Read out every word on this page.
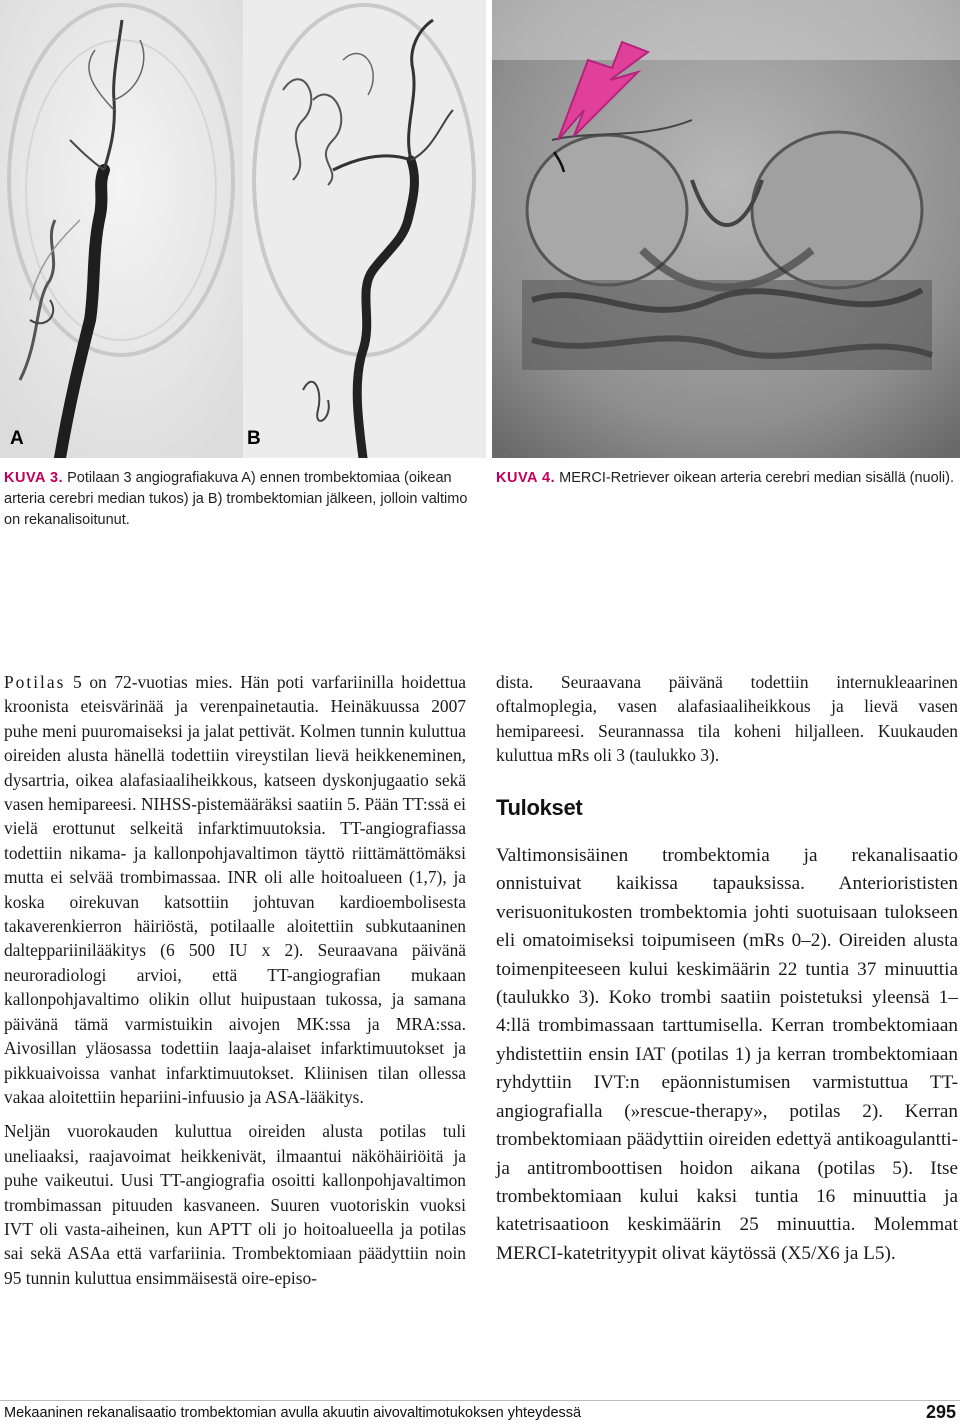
A	B
KUVA 3. Potilaan 3 angiografiakuva A) ennen trombektomiaa (oikean arteria cerebri median tukos) ja B) trombektomian jälkeen, jolloin valtimo on rekanalisoitunut.
KUVA 4. MERCI-Retriever oikean arteria cerebri median sisällä (nuoli).

Potilas 5 on 72-vuotias mies. Hän poti varfariinilla hoidettua kroonista eteisvärinää ja verenpainetautia. Heinäkuussa 2007 puhe meni puuromaiseksi ja jalat pettivät. Kolmen tunnin kuluttua oireiden alusta hänellä todettiin vireystilan lievä heikkeneminen, dysartria, oikea alafasiaaliheikkous, katseen dyskonjugaatio sekä vasen hemipareesi. NIHSS-pistemääräksi saatiin 5. Pään TT:ssä ei vielä erottunut selkeitä infarktimuutoksia. TT-angiografiassa todettiin nikama- ja kallonpohjavaltimon täyttö riittämättömäksi mutta ei selvää trombimassaa. INR oli alle hoitoalueen (1,7), ja koska oirekuvan katsottiin johtuvan kardioembolisesta takaverenkierron häiriöstä, potilaalle aloitettiin subkutaaninen dalteppariinilääkitys (6 500 IU x 2). Seuraavana päivänä neuroradiologi arvioi, että TT-angiografian mukaan kallonpohjavaltimo olikin ollut huipustaan tukossa, ja samana päivänä tämä varmistuikin aivojen MK:ssa ja MRA:ssa. Aivosillan yläosassa todettiin laaja-alaiset infarktimuutokset ja pikkuaivoissa vanhat infarktimuutokset. Kliinisen tilan ollessa vakaa aloitettiin hepariini-infuusio ja ASA-lääkitys.

Neljän vuorokauden kuluttua oireiden alusta potilas tuli uneliaaksi, raajavoimat heikkenivät, ilmaantui näköhäiriöitä ja puhe vaikeutui. Uusi TT-angiografia osoitti kallonpohjavaltimon trombimassan pituuden kasvaneen. Suuren vuotoriskin vuoksi IVT oli vasta-aiheinen, kun APTT oli jo hoitoalueella ja potilas sai sekä ASAa että varfariinia. Trombektomiaan päädyttiin noin 95 tunnin kuluttua ensimmäisestä oire-episo-

dista. Seuraavana päivänä todettiin internukleaarinen oftalmoplegia, vasen alafasiaaliheikkous ja lievä vasen hemipareesi. Seurannassa tila koheni hiljalleen. Kuukauden kuluttua mRs oli 3 (taulukko 3).

Tulokset

Valtimonsisäinen trombektomia ja rekanalisaatio onnistuivat kaikissa tapauksissa. Anteriorististen verisuonitukosten trombektomia johti suotuisaan tulokseen eli omatoimiseksi toipumiseen (mRs 0–2). Oireiden alusta toimenpiteeseen kului keskimäärin 22 tuntia 37 minuuttia (taulukko 3). Koko trombi saatiin poistetuksi yleensä 1–4:llä trombimassaan tarttumisella. Kerran trombektomiaan yhdistettiin ensin IAT (potilas 1) ja kerran trombektomiaan ryhdyttiin IVT:n epäonnistumisen varmistuttua TT-angiografialla (»rescue-therapy», potilas 2). Kerran trombektomiaan päädyttiin oireiden edettyä antikoagulantti- ja antitromboottisen hoidon aikana (potilas 5). Itse trombektomiaan kului kaksi tuntia 16 minuuttia ja katetrisaatioon keskimäärin 25 minuuttia. Molemmat MERCI-katetrityypit olivat käytössä (X5/X6 ja L5).

Mekaaninen rekanalisaatio trombektomian avulla akuutin aivovaltimotukoksen yhteydessä	295
